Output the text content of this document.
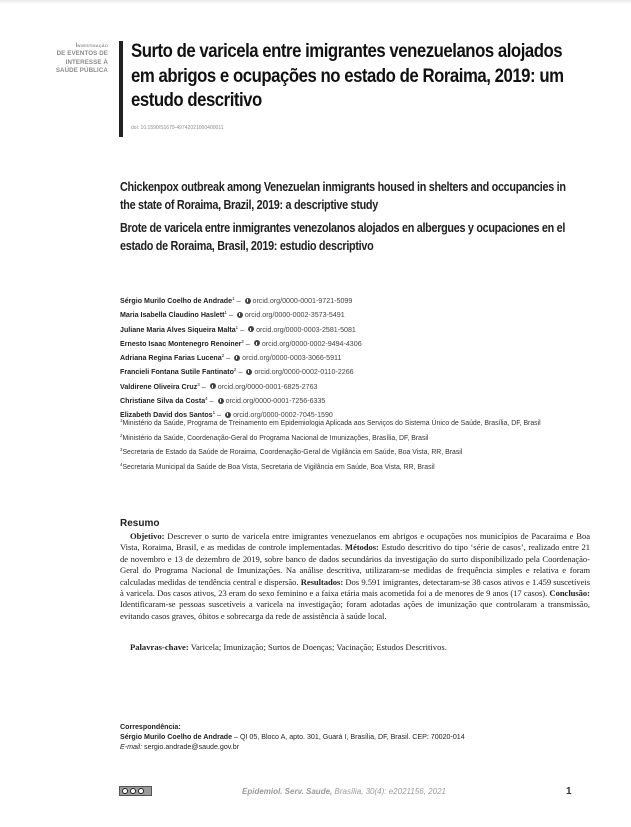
Investigação
DE EVENTOS DE
INTERESSE À
SAÚDE PÚBLICA
Surto de varicela entre imigrantes venezuelanos alojados em abrigos e ocupações no estado de Roraima, 2019: um estudo descritivo
doi: 10.1590/S1679-49742021000400011
Chickenpox outbreak among Venezuelan inmigrants housed in shelters and occupancies in the state of Roraima, Brazil, 2019: a descriptive study
Brote de varicela entre inmigrantes venezolanos alojados en albergues y ocupaciones en el estado de Roraima, Brasil, 2019: estudio descriptivo
Sérgio Murilo Coelho de Andrade$^1$ – orcid.org/0000-0001-9721-5099
Maria Isabella Claudino Haslett$^1$ – orcid.org/0000-0002-3573-5491
Juliane Maria Alves Siqueira Malta$^1$ – orcid.org/0000-0003-2581-5081
Ernesto Isaac Montenegro Renoiner$^2$ – orcid.org/0000-0002-9494-4306
Adriana Regina Farias Lucena$^2$ – orcid.org/0000-0003-3066-5911
Francieli Fontana Sutile Fantinato$^2$ – orcid.org/0000-0002-0110-2266
Valdirene Oliveira Cruz$^3$ – orcid.org/0000-0001-6825-2763
Christiane Silva da Costa$^4$ – orcid.org/0000-0001-7256-6335
Elizabeth David dos Santos$^1$ – orcid.org/0000-0002-7045-1590
$^1$Ministério da Saúde, Programa de Treinamento em Epidemiologia Aplicada aos Serviços do Sistema Único de Saúde, Brasília, DF, Brasil
$^2$Ministério da Saúde, Coordenação-Geral do Programa Nacional de Imunizações, Brasília, DF, Brasil
$^3$Secretaria de Estado da Saúde de Roraima, Coordenação-Geral de Vigilância em Saúde, Boa Vista, RR, Brasil
$^4$Secretaria Municipal da Saúde de Boa Vista, Secretaria de Vigilância em Saúde, Boa Vista, RR, Brasil
Resumo
Objetivo: Descrever o surto de varicela entre imigrantes venezuelanos em abrigos e ocupações nos municípios de Pacaraima e Boa Vista, Roraima, Brasil, e as medidas de controle implementadas. Métodos: Estudo descritivo do tipo ‘série de casos’, realizado entre 21 de novembro e 13 de dezembro de 2019, sobre banco de dados secundários da investigação do surto disponibilizado pela Coordenação-Geral do Programa Nacional de Imunizações. Na análise descritiva, utilizaram-se medidas de frequência simples e relativa e foram calculadas medidas de tendência central e dispersão. Resultados: Dos 9.591 imigrantes, detectaram-se 38 casos ativos e 1.459 suscetíveis à varicela. Dos casos ativos, 23 eram do sexo feminino e a faixa etária mais acometida foi a de menores de 9 anos (17 casos). Conclusão: Identificaram-se pessoas suscetíveis a varicela na investigação; foram adotadas ações de imunização que controlaram a transmissão, evitando casos graves, óbitos e sobrecarga da rede de assistência à saúde local.
Palavras-chave: Varicela; Imunização; Surtos de Doenças; Vacinação; Estudos Descritivos.
Correspondência:
Sérgio Murilo Coelho de Andrade – QI 05, Bloco A, apto. 301, Guará I, Brasília, DF, Brasil. CEP: 70020-014
E-mail: sergio.andrade@saude.gov.br
Epidemiol. Serv. Saude, Brasília, 30(4): e2021156, 2021	1
